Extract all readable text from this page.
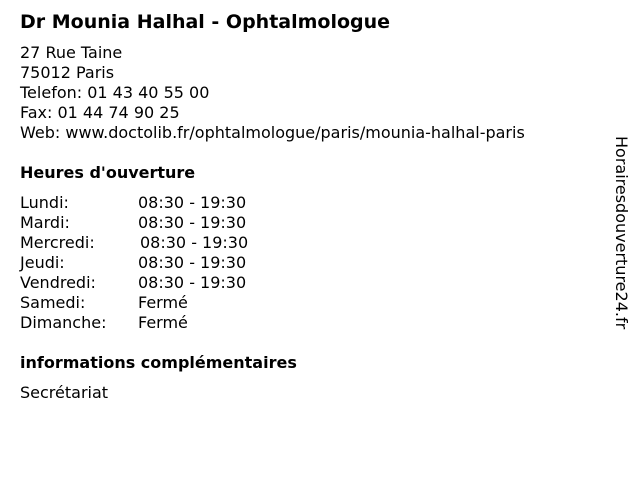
Dr Mounia Halhal - Ophtalmologue
27 Rue Taine
75012 Paris
Telefon: 01 43 40 55 00
Fax: 01 44 74 90 25
Web: www.doctolib.fr/ophtalmologue/paris/mounia-halhal-paris
Heures d'ouverture
Lundi:	08:30 - 19:30
Mardi:	08:30 - 19:30
Mercredi:	08:30 - 19:30
Jeudi:	08:30 - 19:30
Vendredi:	08:30 - 19:30
Samedi:	Fermé
Dimanche: Fermé
informations complémentaires
Secrétariat
Horairesdouverture24.fr
